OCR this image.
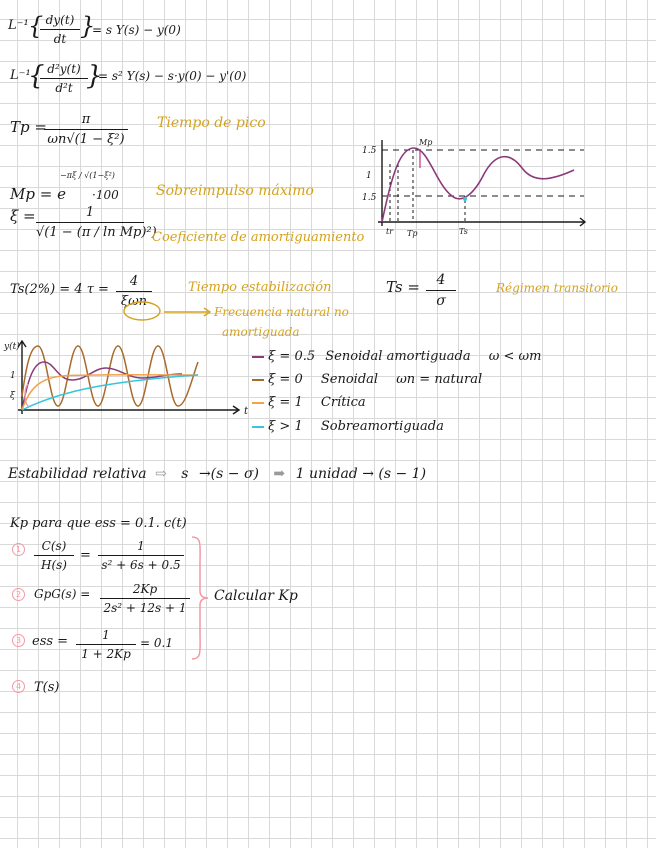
L⁻¹ { dy(t)
dt }
= s Y(s) − y(0)
L⁻¹
{ d²y(t)
d²t }
= s² Y(s) − s·y(0) − y'(0)
Tp =	π
ωn√(1 − ξ²)
Tiempo de pico
Mp = e
−πξ / √(1−ξ²)
·100	Sobreimpulso máximo
ξ =	1
√(1 − (π / ln Mp)²)
Coeficiente de amortiguamiento
1.5
1
1.5
Mp
tr Tp	Ts
Ts(2%) = 4 τ =
4
ξωn
Tiempo estabilización
Frecuencia natural no
amortiguada
Ts =	4
σ
Régimen transitorio
y(t)
1
ξ
t
ξ = 0.5 Senoidal amortiguada ω < ωm
ξ = 0 Senoidal ωn = natural
ξ = 1 Crítica
ξ > 1 Sobreamortiguada
Estabilidad relativa ⇨ s →(s − σ) ➡ 1 unidad → (s − 1)
Kp para que ess = 0.1. c(t)
1	C(s)
H(s)
=
1
s² + 6s + 0.5
2	GpG(s) =	2Kp
2s² + 12s + 1
3 ess =	1
1 + 2Kp
= 0.1
4 T(s)
Calcular Kp
